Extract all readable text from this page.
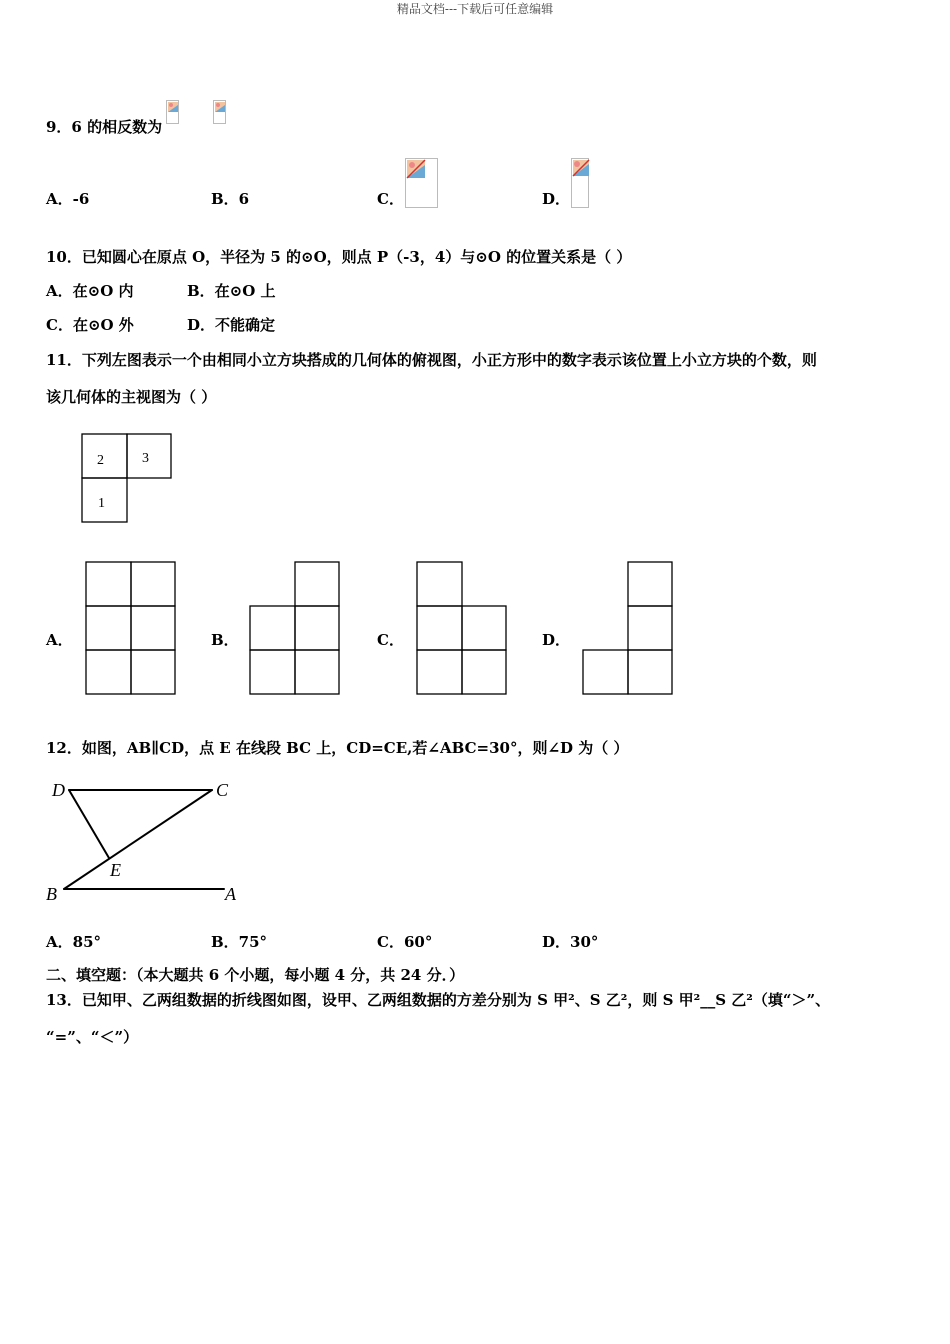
精品文档---下载后可任意编辑
9．6 的相反数为
A．-6	B．6	C．	D．
10．已知圆心在原点 O，半径为 5 的⊙O，则点 P（-3，4）与⊙O 的位置关系是（ ）
A．在⊙O 内	B．在⊙O 上
C．在⊙O 外	D．不能确定
11．下列左图表示一个由相同小立方块搭成的几何体的俯视图，小正方形中的数字表示该位置上小立方块的个数，则
该几何体的主视图为（ ）
2	3
1
A．	B．	C．	D．
12．如图，AB∥CD，点 E 在线段 BC 上，CD=CE,若∠ABC=30°，则∠D 为（ ）
D	C
E
B	A
A．85°	B．75°	C．60°	D．30°
二、填空题：（本大题共 6 个小题，每小题 4 分，共 24 分．）
13．已知甲、乙两组数据的折线图如图，设甲、乙两组数据的方差分别为 S 甲²、S 乙²，则 S 甲²__S 乙²（填“＞”、
“=”、“＜”）
